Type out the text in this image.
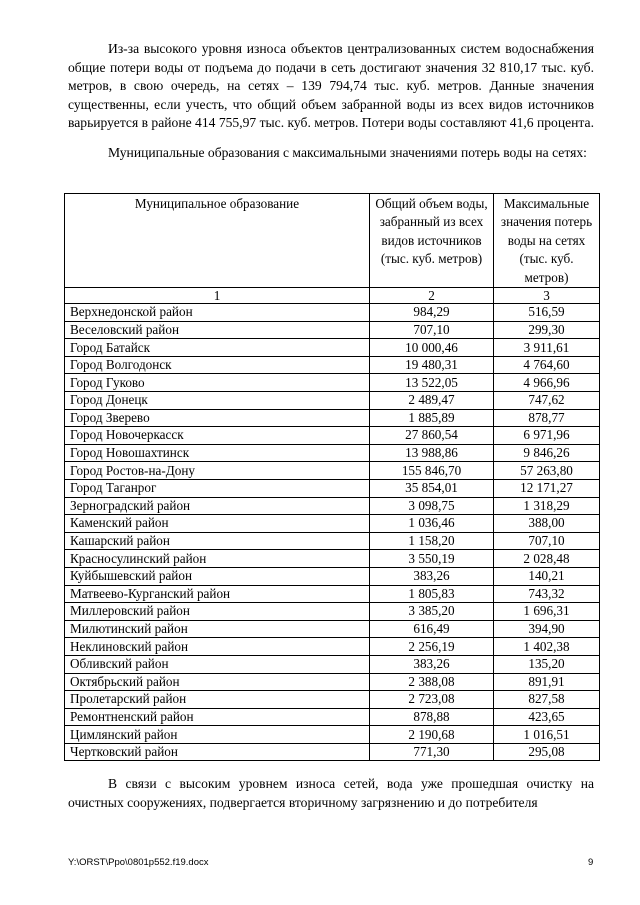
Из-за высокого уровня износа объектов централизованных систем водоснабжения общие потери воды от подъема до подачи в сеть достигают значения 32 810,17 тыс. куб. метров, в свою очередь, на сетях – 139 794,74 тыс. куб. метров. Данные значения существенны, если учесть, что общий объем забранной воды из всех видов источников варьируется в районе 414 755,97 тыс. куб. метров. Потери воды составляют 41,6 процента.

Муниципальные образования с максимальными значениями потерь воды на сетях:

Муниципальное образование	Общий объем воды, забранный из всех видов источников (тыс. куб. метров)	Максимальные значения потерь воды на сетях (тыс. куб. метров)
1	2	3
Верхнедонской район	984,29	516,59
Веселовский район	707,10	299,30
Город Батайск	10 000,46	3 911,61
Город Волгодонск	19 480,31	4 764,60
Город Гуково	13 522,05	4 966,96
Город Донецк	2 489,47	747,62
Город Зверево	1 885,89	878,77
Город Новочеркасск	27 860,54	6 971,96
Город Новошахтинск	13 988,86	9 846,26
Город Ростов-на-Дону	155 846,70	57 263,80
Город Таганрог	35 854,01	12 171,27
Зерноградский район	3 098,75	1 318,29
Каменский район	1 036,46	388,00
Кашарский район	1 158,20	707,10
Красносулинский район	3 550,19	2 028,48
Куйбышевский район	383,26	140,21
Матвеево-Курганский район	1 805,83	743,32
Миллеровский район	3 385,20	1 696,31
Милютинский район	616,49	394,90
Неклиновский район	2 256,19	1 402,38
Обливский район	383,26	135,20
Октябрьский район	2 388,08	891,91
Пролетарский район	2 723,08	827,58
Ремонтненский район	878,88	423,65
Цимлянский район	2 190,68	1 016,51
Чертковский район	771,30	295,08

В связи с высоким уровнем износа сетей, вода уже прошедшая очистку на очистных сооружениях, подвергается вторичному загрязнению и до потребителя

Y:\ORST\Ppo\0801p552.f19.docx	9
